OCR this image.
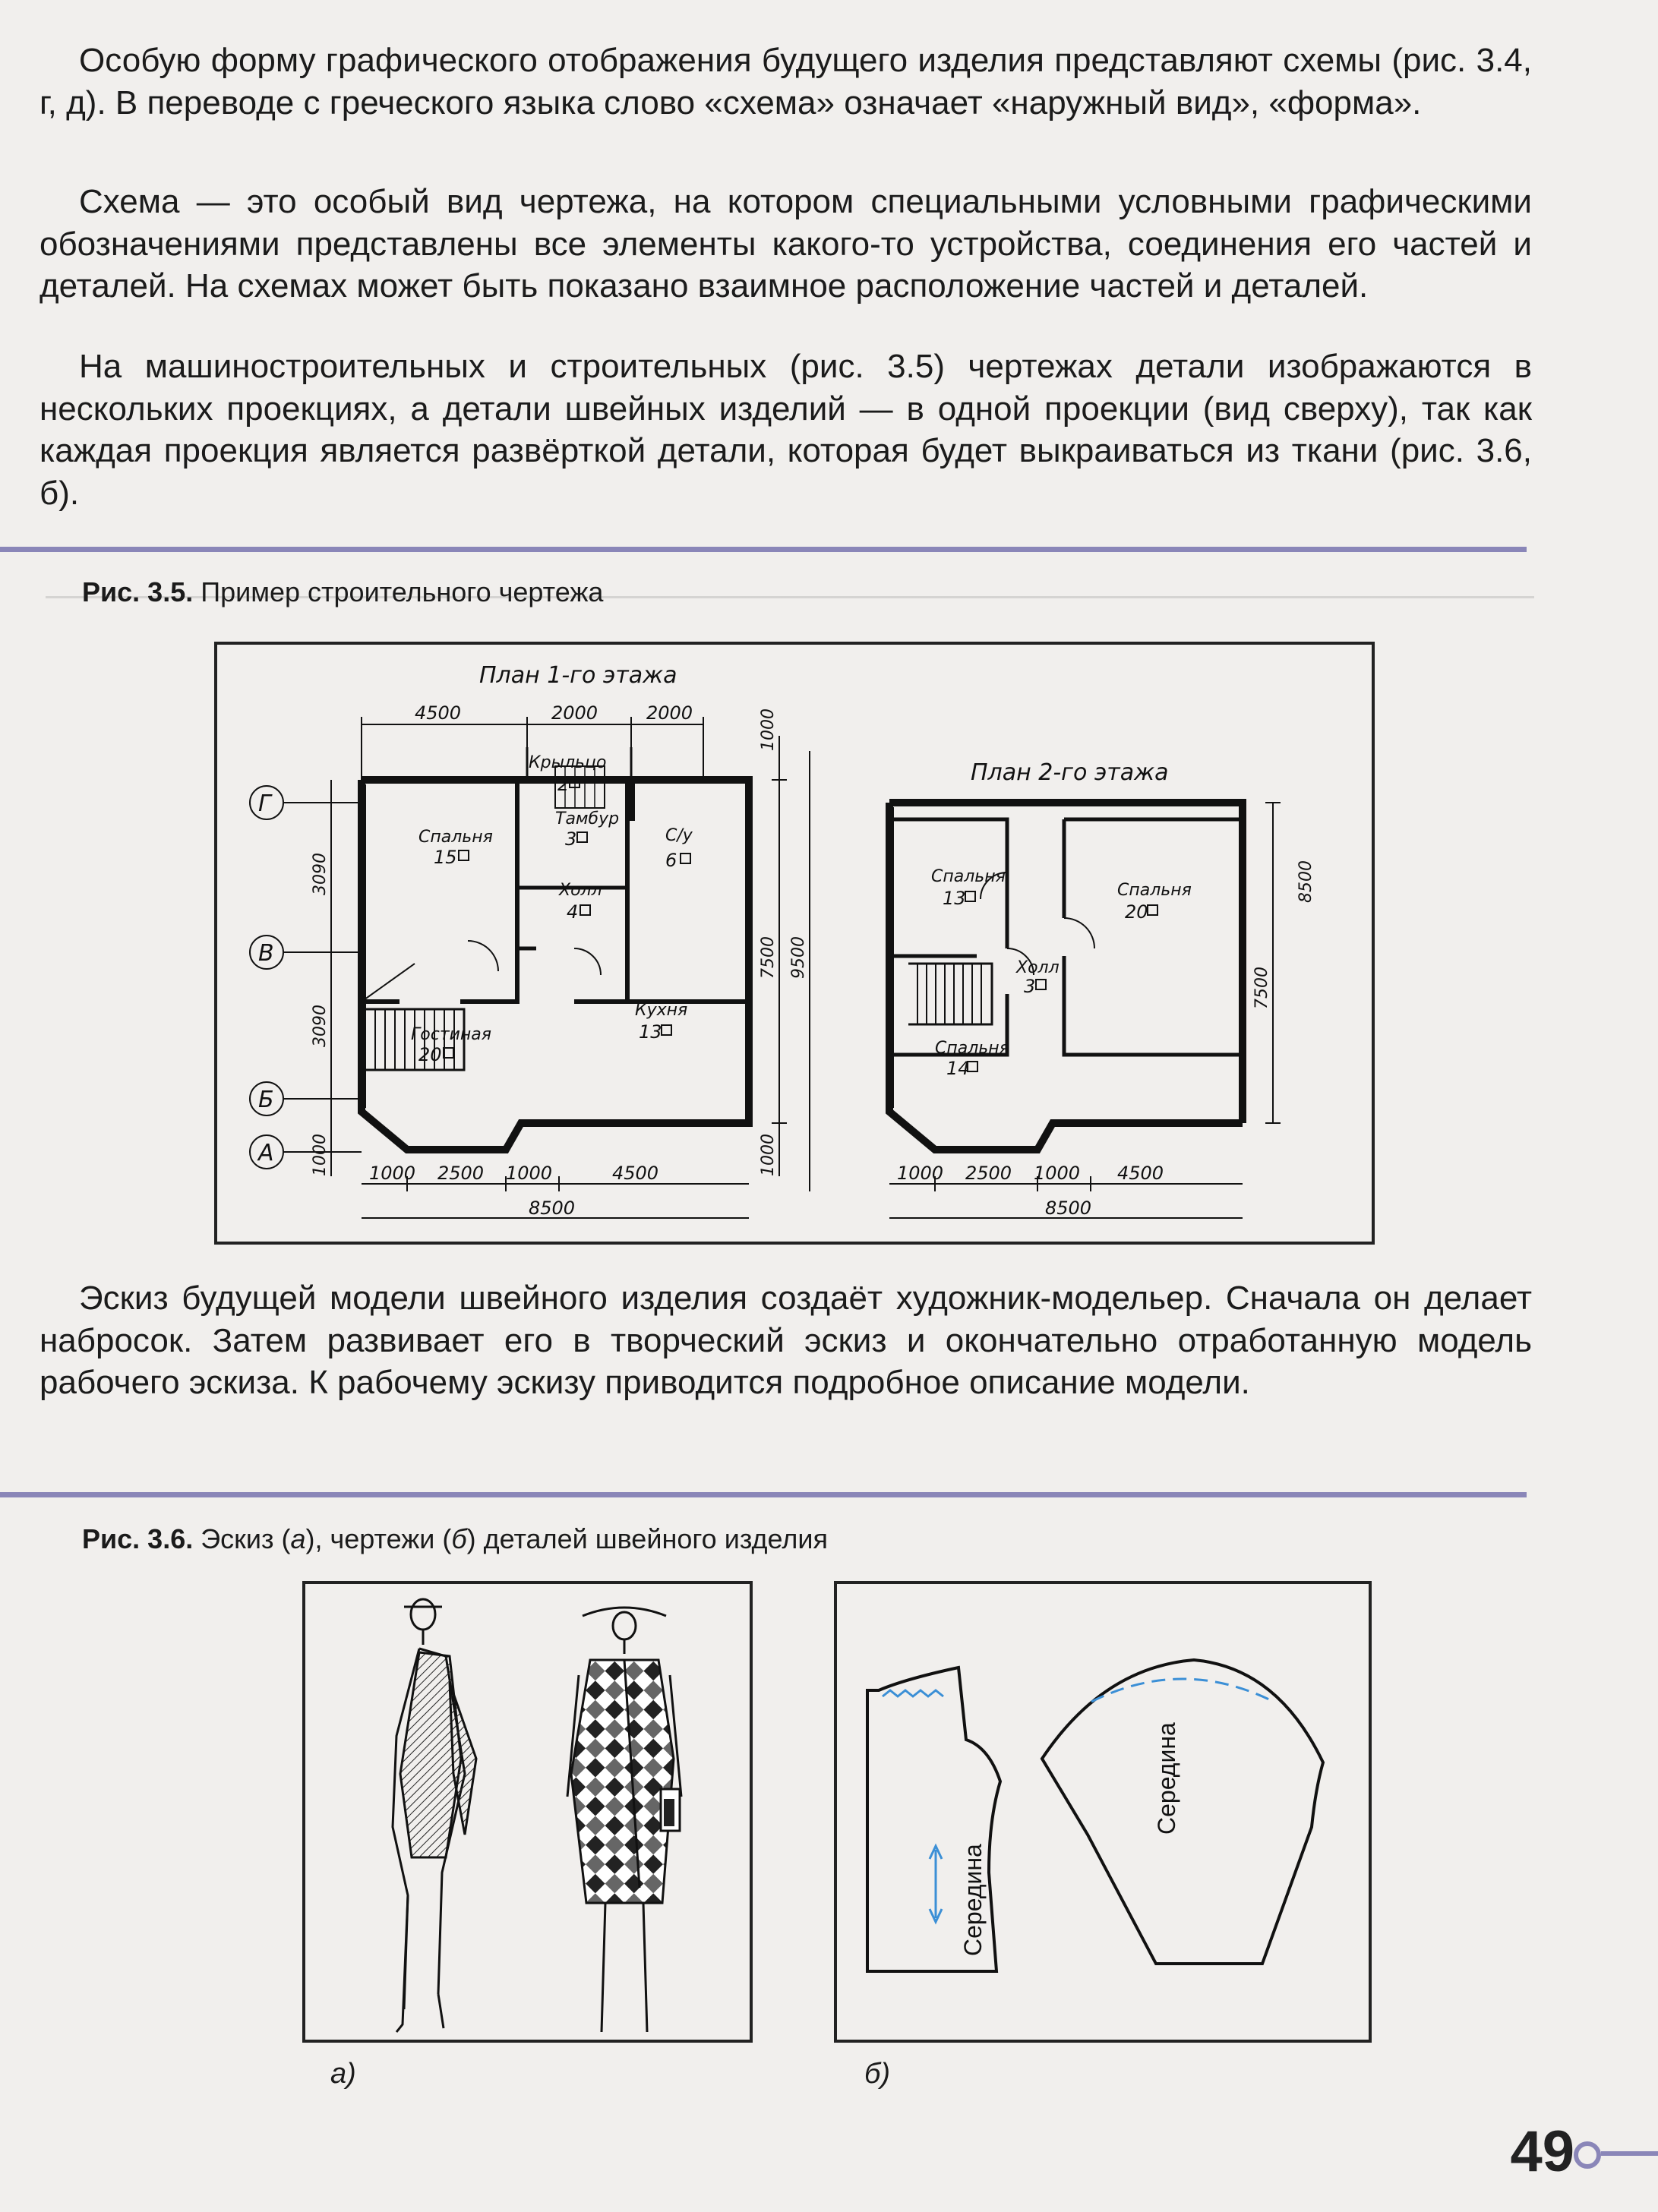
Особую форму графического отображения будущего изделия представляют схемы (рис. 3.4, г, д). В переводе с греческого языка слово «схема» означает «наружный вид», «форма».

Схема — это особый вид чертежа, на котором специальными условными графическими обозначениями представлены все элементы какого-то устройства, соединения его частей и деталей. На схемах может быть показано взаимное расположение частей и деталей.

На машиностроительных и строительных (рис. 3.5) чертежах детали изображаются в нескольких проекциях, а детали швейных изделий — в одной проекции (вид сверху), так как каждая проекция является развёрткой детали, которая будет выкраиваться из ткани (рис. 3.6, б).

Рис. 3.5. Пример строительного чертежа
План 1-го этажа
План 2-го этажа
Крыльцо
2
Тамбур
3
Спальня
15
Холл
4
С/у
6
Кухня
13
Гостиная
20
Г
В
Б
А
4500	2000	2000
1000 2500 1000	4500
8500
3090
3090
1000
1000
7500 9500
1000
Спальня
13	Спальня
20
Холл
3
Спальня
14
1000 2500 1000 4500
8500
8500
7500

Эскиз будущей модели швейного изделия создаёт художник-модельер. Сначала он делает набросок. Затем развивает его в творческий эскиз и окончательно отработанную модель рабочего эскиза. К рабочему эскизу приводится подробное описание модели.

Рис. 3.6. Эскиз (а), чертежи (б) деталей швейного изделия
а)
Середина
Середина
б)
49
